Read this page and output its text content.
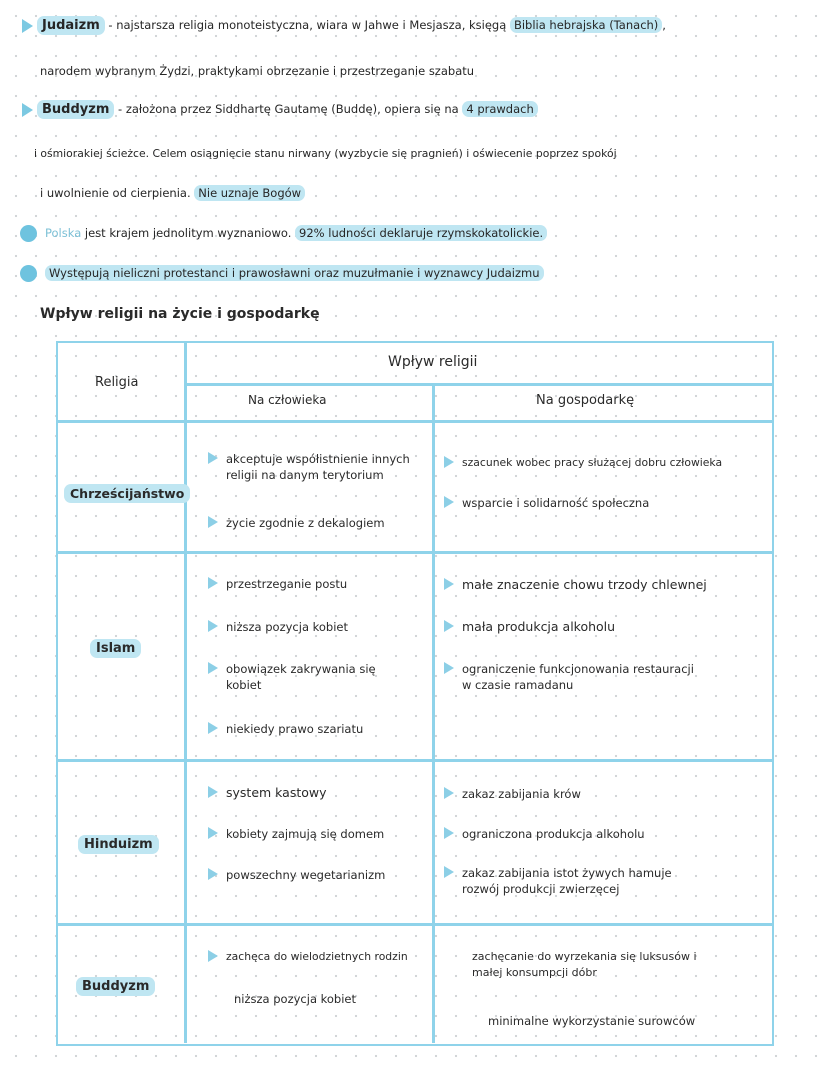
Judaizm - najstarsza religia monoteistyczna, wiara w Jahwe i Mesjasza, księgą Biblia hebrajska (Tanach) ,
narodem wybranym Żydzi, praktykami obrzezanie i przestrzeganie szabatu
Buddyzm - założona przez Siddhartę Gautamę (Buddę), opiera się na 4 prawdach
i ośmiorakiej ścieżce. Celem osiągnięcie stanu nirwany (wyzbycie się pragnień) i oświecenie poprzez spokój
i uwolnienie od cierpienia. Nie uznaje Bogów
Polska jest krajem jednolitym wyznaniowo. 92% ludności deklaruje rzymskokatolickie.
Występują nieliczni protestanci i prawosławni oraz muzułmanie i wyznawcy Judaizmu
Wpływ religii na życie i gospodarkę
Religia
Wpływ religii
Na człowieka	Na gospodarkę
Chrześcijaństwo
akceptuje współistnienie innych
religii na danym terytorium
życie zgodnie z dekalogiem
szacunek wobec pracy służącej dobru człowieka
wsparcie i solidarność społeczna
Islam
przestrzeganie postu
niższa pozycja kobiet
obowiązek zakrywania się
kobiet
niekiedy prawo szariatu
małe znaczenie chowu trzody chlewnej
mała produkcja alkoholu
ograniczenie funkcjonowania restauracji
w czasie ramadanu
Hinduizm
system kastowy
kobiety zajmują się domem
powszechny wegetarianizm
zakaz zabijania krów
ograniczona produkcja alkoholu
zakaz zabijania istot żywych hamuje
rozwój produkcji zwierzęcej
Buddyzm
zachęca do wielodzietnych rodzin
niższa pozycja kobiet
zachęcanie do wyrzekania się luksusów i
małej konsumpcji dóbr
minimalne wykorzystanie surowców
